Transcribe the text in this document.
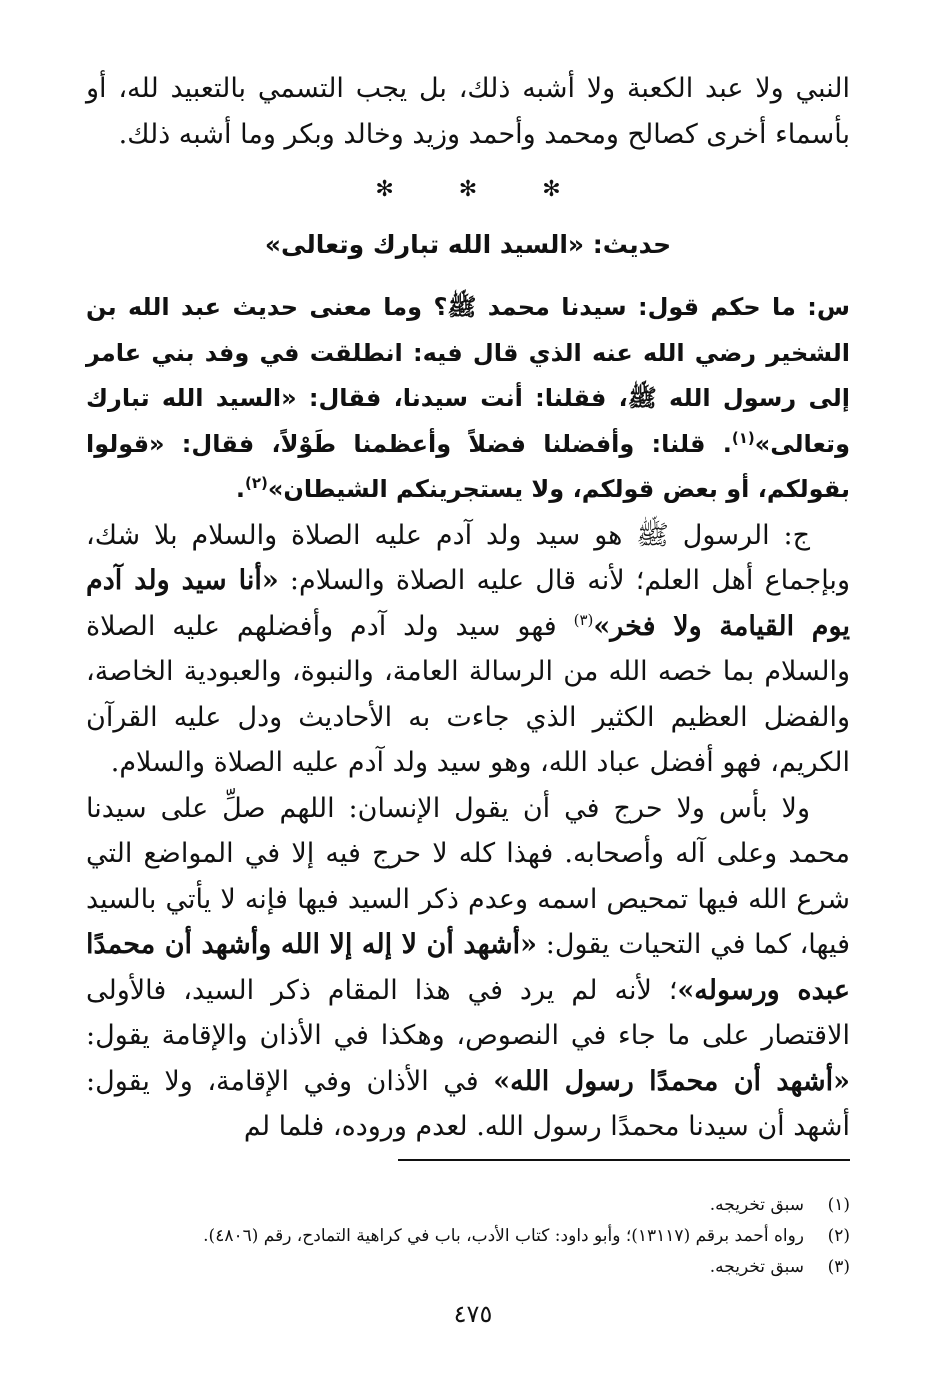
النبي ولا عبد الكعبة ولا أشبه ذلك، بل يجب التسمي بالتعبيد لله، أو بأسماء أخرى كصالح ومحمد وأحمد وزيد وخالد وبكر وما أشبه ذلك.

✻ ✻ ✻
حديث: «السيد الله تبارك وتعالى»

س: ما حكم قول: سيدنا محمد ﷺ؟ وما معنى حديث عبد الله بن الشخير رضي الله عنه الذي قال فيه: انطلقت في وفد بني عامر إلى رسول الله ﷺ، فقلنا: أنت سيدنا، فقال: «السيد الله تبارك وتعالى»$^{(١)}$. قلنا: وأفضلنا فضلاً وأعظمنا طَوْلاً، فقال: «قولوا بقولكم، أو بعض قولكم، ولا يستجرينكم الشيطان»$^{(٢)}$.

ج: الرسول ﷺ هو سيد ولد آدم عليه الصلاة والسلام بلا شك، وبإجماع أهل العلم؛ لأنه قال عليه الصلاة والسلام: «أنا سيد ولد آدم يوم القيامة ولا فخر»$^{(٣)}$ فهو سيد ولد آدم وأفضلهم عليه الصلاة والسلام بما خصه الله من الرسالة العامة، والنبوة، والعبودية الخاصة، والفضل العظيم الكثير الذي جاءت به الأحاديث ودل عليه القرآن الكريم، فهو أفضل عباد الله، وهو سيد ولد آدم عليه الصلاة والسلام.

ولا بأس ولا حرج في أن يقول الإنسان: اللهم صلِّ على سيدنا محمد وعلى آله وأصحابه. فهذا كله لا حرج فيه إلا في المواضع التي شرع الله فيها تمحيص اسمه وعدم ذكر السيد فيها فإنه لا يأتي بالسيد فيها، كما في التحيات يقول: «أشهد أن لا إله إلا الله وأشهد أن محمدًا عبده ورسوله»؛ لأنه لم يرد في هذا المقام ذكر السيد، فالأولى الاقتصار على ما جاء في النصوص، وهكذا في الأذان والإقامة يقول: «أشهد أن محمدًا رسول الله» في الأذان وفي الإقامة، ولا يقول: أشهد أن سيدنا محمدًا رسول الله. لعدم وروده، فلما لم

(١)سبق تخريجه.
(٢)رواه أحمد برقم (١٣١١٧)؛ وأبو داود: كتاب الأدب، باب في كراهية التمادح، رقم (٤٨٠٦).
(٣)سبق تخريجه.
٤٧٥
